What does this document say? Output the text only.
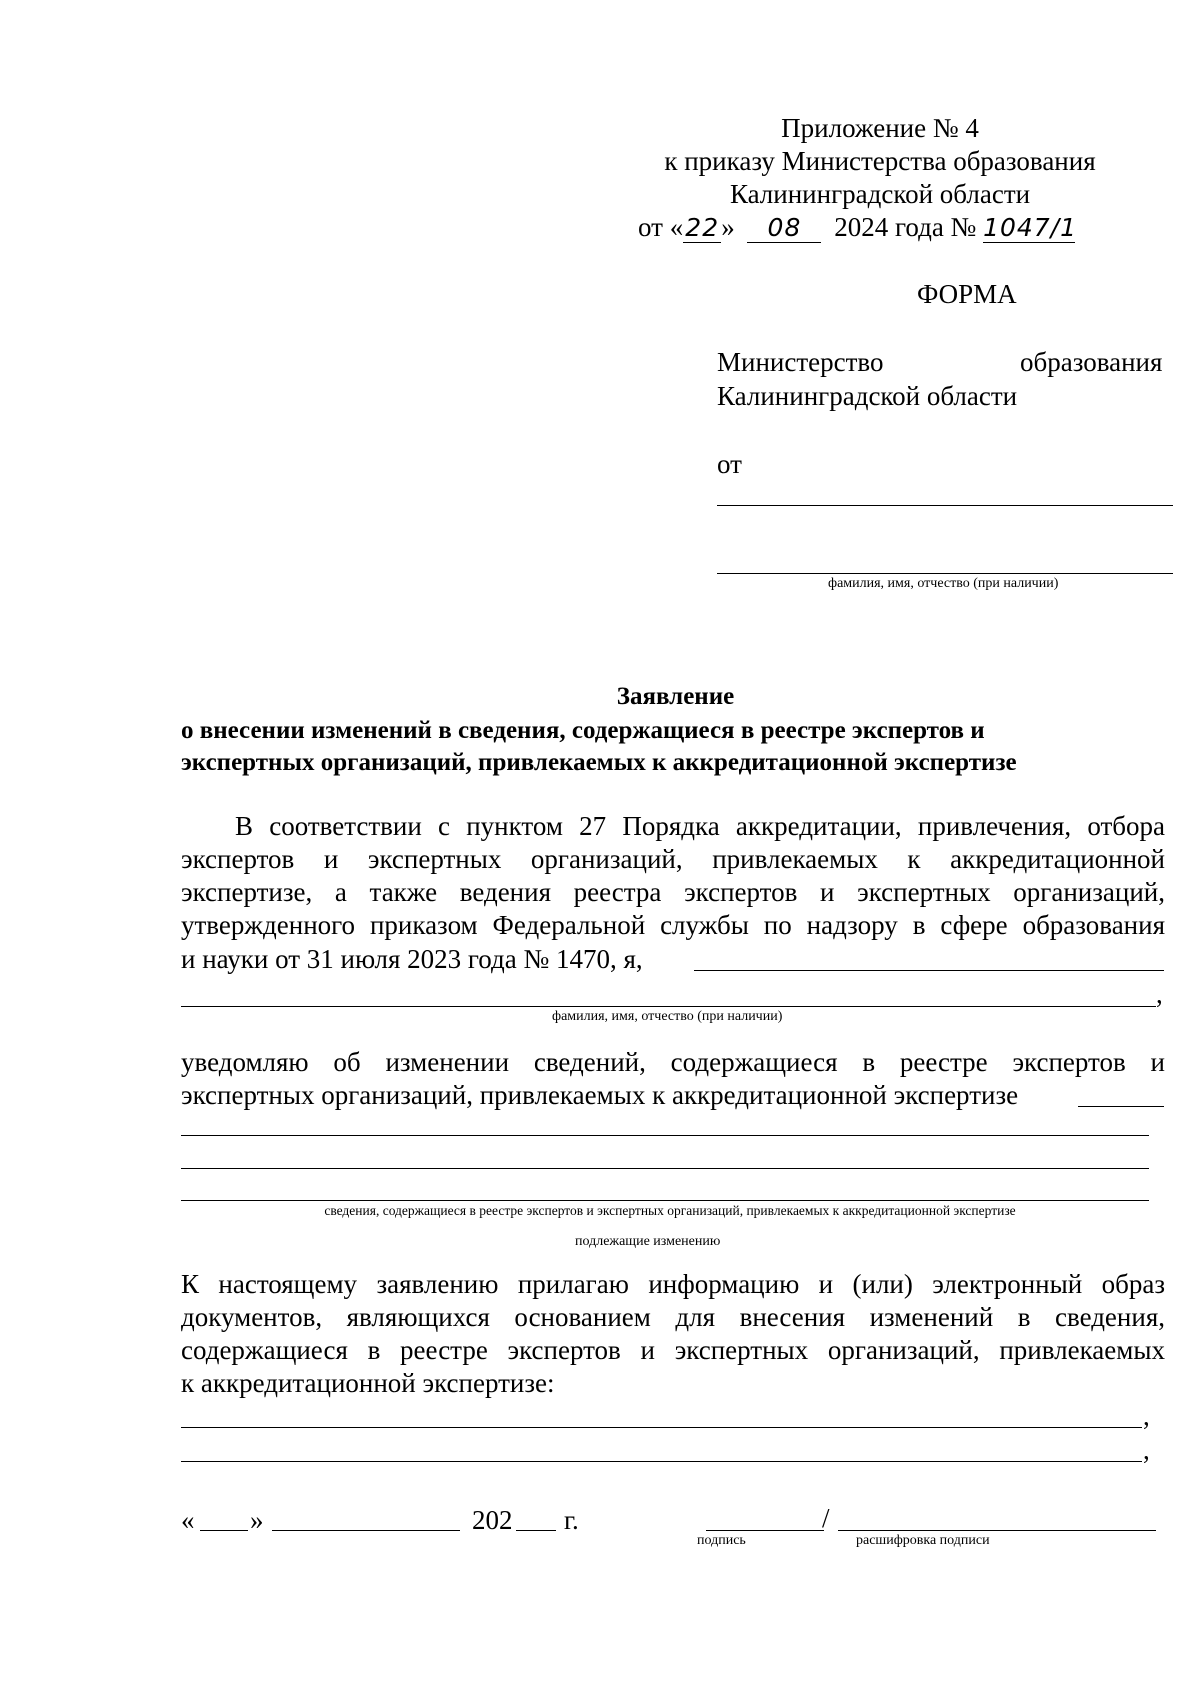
Приложение № 4
к приказу Министерства образования
Калининградской области
от «22» 08 2024 года № 1047/1
ФОРМА
Министерство	образования
Калининградской области
от
фамилия, имя, отчество (при наличии)
Заявление
о внесении изменений в сведения, содержащиеся в реестре экспертов и
экспертных организаций, привлекаемых к аккредитационной экспертизе
В соответствии с пунктом 27 Порядка аккредитации, привлечения, отбора
экспертов и экспертных организаций, привлекаемых к аккредитационной
экспертизе, а также ведения реестра экспертов и экспертных организаций,
утвержденного приказом Федеральной службы по надзору в сфере образования
и науки от 31 июля 2023 года № 1470, я,
,
фамилия, имя, отчество (при наличии)
уведомляю об изменении сведений, содержащиеся в реестре экспертов и
экспертных организаций, привлекаемых к аккредитационной экспертизе
сведения, содержащиеся в реестре экспертов и экспертных организаций, привлекаемых к аккредитационной экспертизе
подлежащие изменению
К настоящему заявлению прилагаю информацию и (или) электронный образ
документов, являющихся основанием для внесения изменений в сведения,
содержащиеся в реестре экспертов и экспертных организаций, привлекаемых
к аккредитационной экспертизе:
,
,
« »	202 г.	/
подпись	расшифровка подписи
